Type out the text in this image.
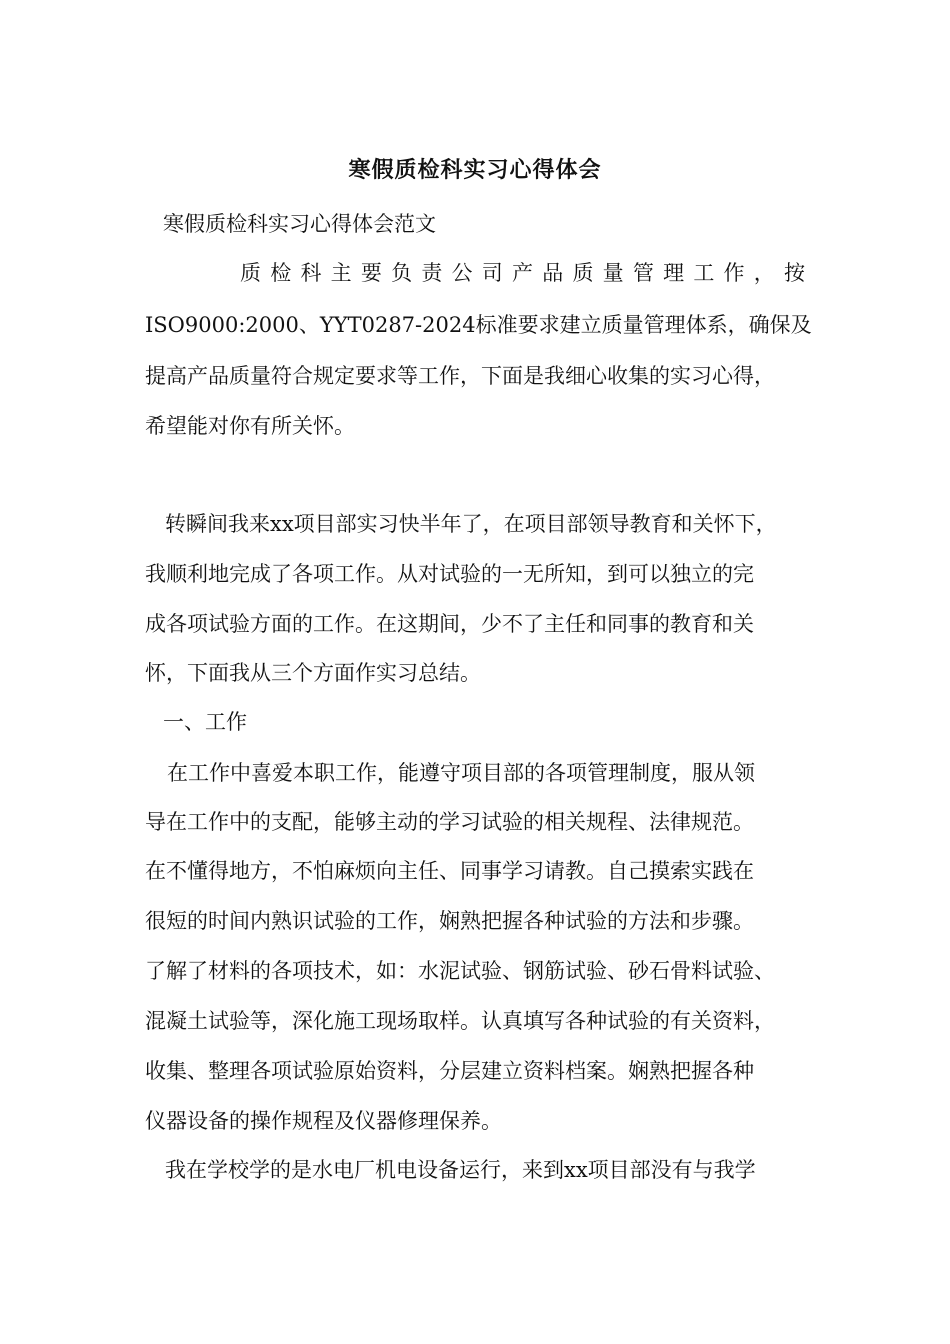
寒假质检科实习心得体会
寒假质检科实习心得体会范文
质检科主要负责公司产品质量管理工作，按
ISO9000:2000、YYT0287-2024标准要求建立质量管理体系，确保及
提高产品质量符合规定要求等工作，下面是我细心收集的实习心得，
希望能对你有所关怀。
转瞬间我来xx项目部实习快半年了，在项目部领导教育和关怀下，
我顺利地完成了各项工作。从对试验的一无所知，到可以独立的完
成各项试验方面的工作。在这期间，少不了主任和同事的教育和关
怀，下面我从三个方面作实习总结。
一、工作
在工作中喜爱本职工作，能遵守项目部的各项管理制度，服从领
导在工作中的支配，能够主动的学习试验的相关规程、法律规范。
在不懂得地方，不怕麻烦向主任、同事学习请教。自己摸索实践在
很短的时间内熟识试验的工作，娴熟把握各种试验的方法和步骤。
了解了材料的各项技术，如：水泥试验、钢筋试验、砂石骨料试验、
混凝土试验等，深化施工现场取样。认真填写各种试验的有关资料，
收集、整理各项试验原始资料，分层建立资料档案。娴熟把握各种
仪器设备的操作规程及仪器修理保养。
我在学校学的是水电厂机电设备运行，来到xx项目部没有与我学
